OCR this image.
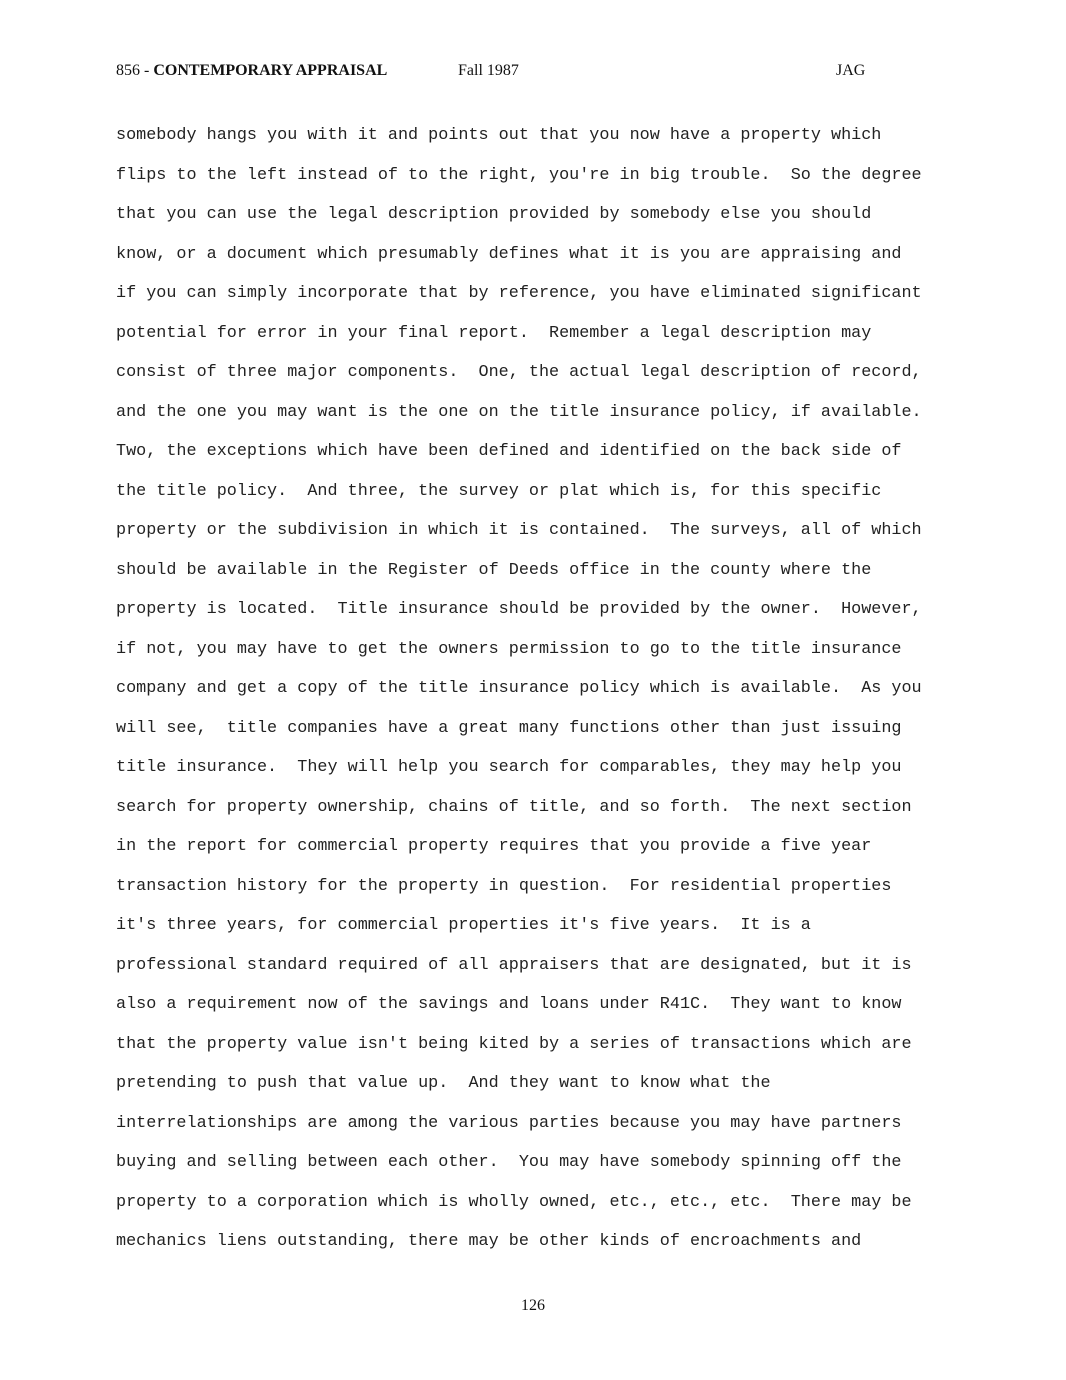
856 - CONTEMPORARY APPRAISAL	Fall 1987	JAG
somebody hangs you with it and points out that you now have a property which
flips to the left instead of to the right, you're in big trouble.  So the degree
that you can use the legal description provided by somebody else you should
know, or a document which presumably defines what it is you are appraising and
if you can simply incorporate that by reference, you have eliminated significant
potential for error in your final report.  Remember a legal description may
consist of three major components.  One, the actual legal description of record,
and the one you may want is the one on the title insurance policy, if available.
Two, the exceptions which have been defined and identified on the back side of
the title policy.  And three, the survey or plat which is, for this specific
property or the subdivision in which it is contained.  The surveys, all of which
should be available in the Register of Deeds office in the county where the
property is located.  Title insurance should be provided by the owner.  However,
if not, you may have to get the owners permission to go to the title insurance
company and get a copy of the title insurance policy which is available.  As you
will see,  title companies have a great many functions other than just issuing
title insurance.  They will help you search for comparables, they may help you
search for property ownership, chains of title, and so forth.  The next section
in the report for commercial property requires that you provide a five year
transaction history for the property in question.  For residential properties
it's three years, for commercial properties it's five years.  It is a
professional standard required of all appraisers that are designated, but it is
also a requirement now of the savings and loans under R41C.  They want to know
that the property value isn't being kited by a series of transactions which are
pretending to push that value up.  And they want to know what the
interrelationships are among the various parties because you may have partners
buying and selling between each other.  You may have somebody spinning off the
property to a corporation which is wholly owned, etc., etc., etc.  There may be
mechanics liens outstanding, there may be other kinds of encroachments and
126
